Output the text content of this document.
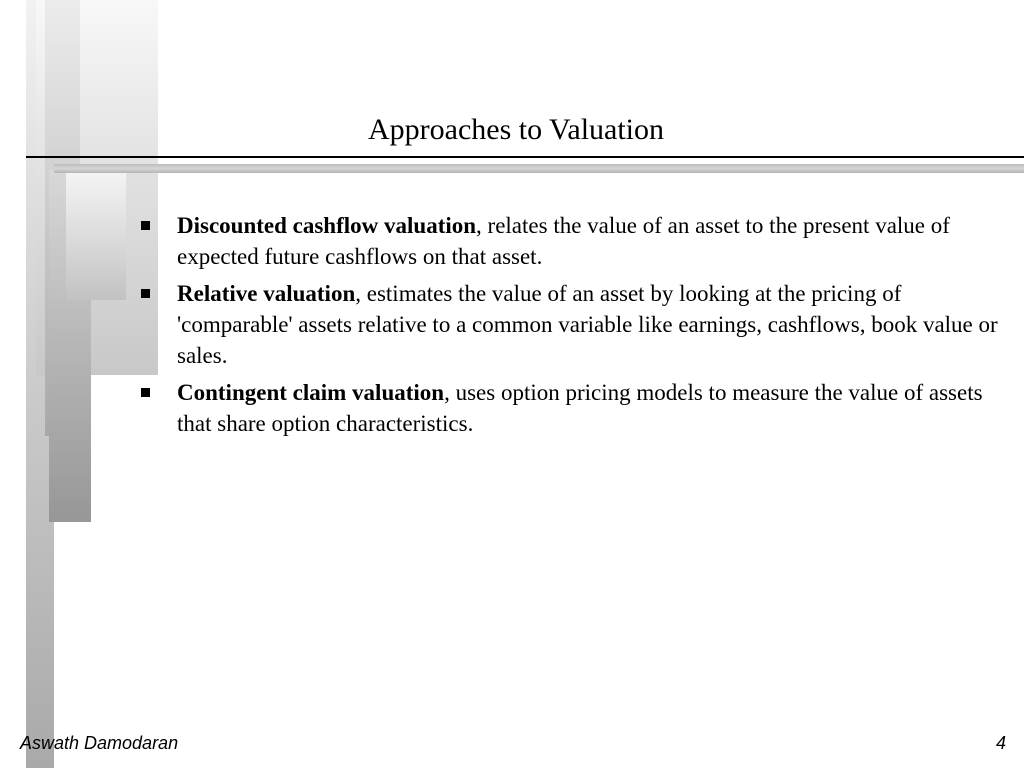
Approaches to Valuation
Discounted cashflow valuation, relates the value of an asset to the present value of expected future cashflows on that asset.
Relative valuation, estimates the value of an asset by looking at the pricing of 'comparable' assets relative to a common variable like earnings, cashflows, book value or sales.
Contingent claim valuation, uses option pricing models to measure the value of assets that share option characteristics.
Aswath Damodaran	4
